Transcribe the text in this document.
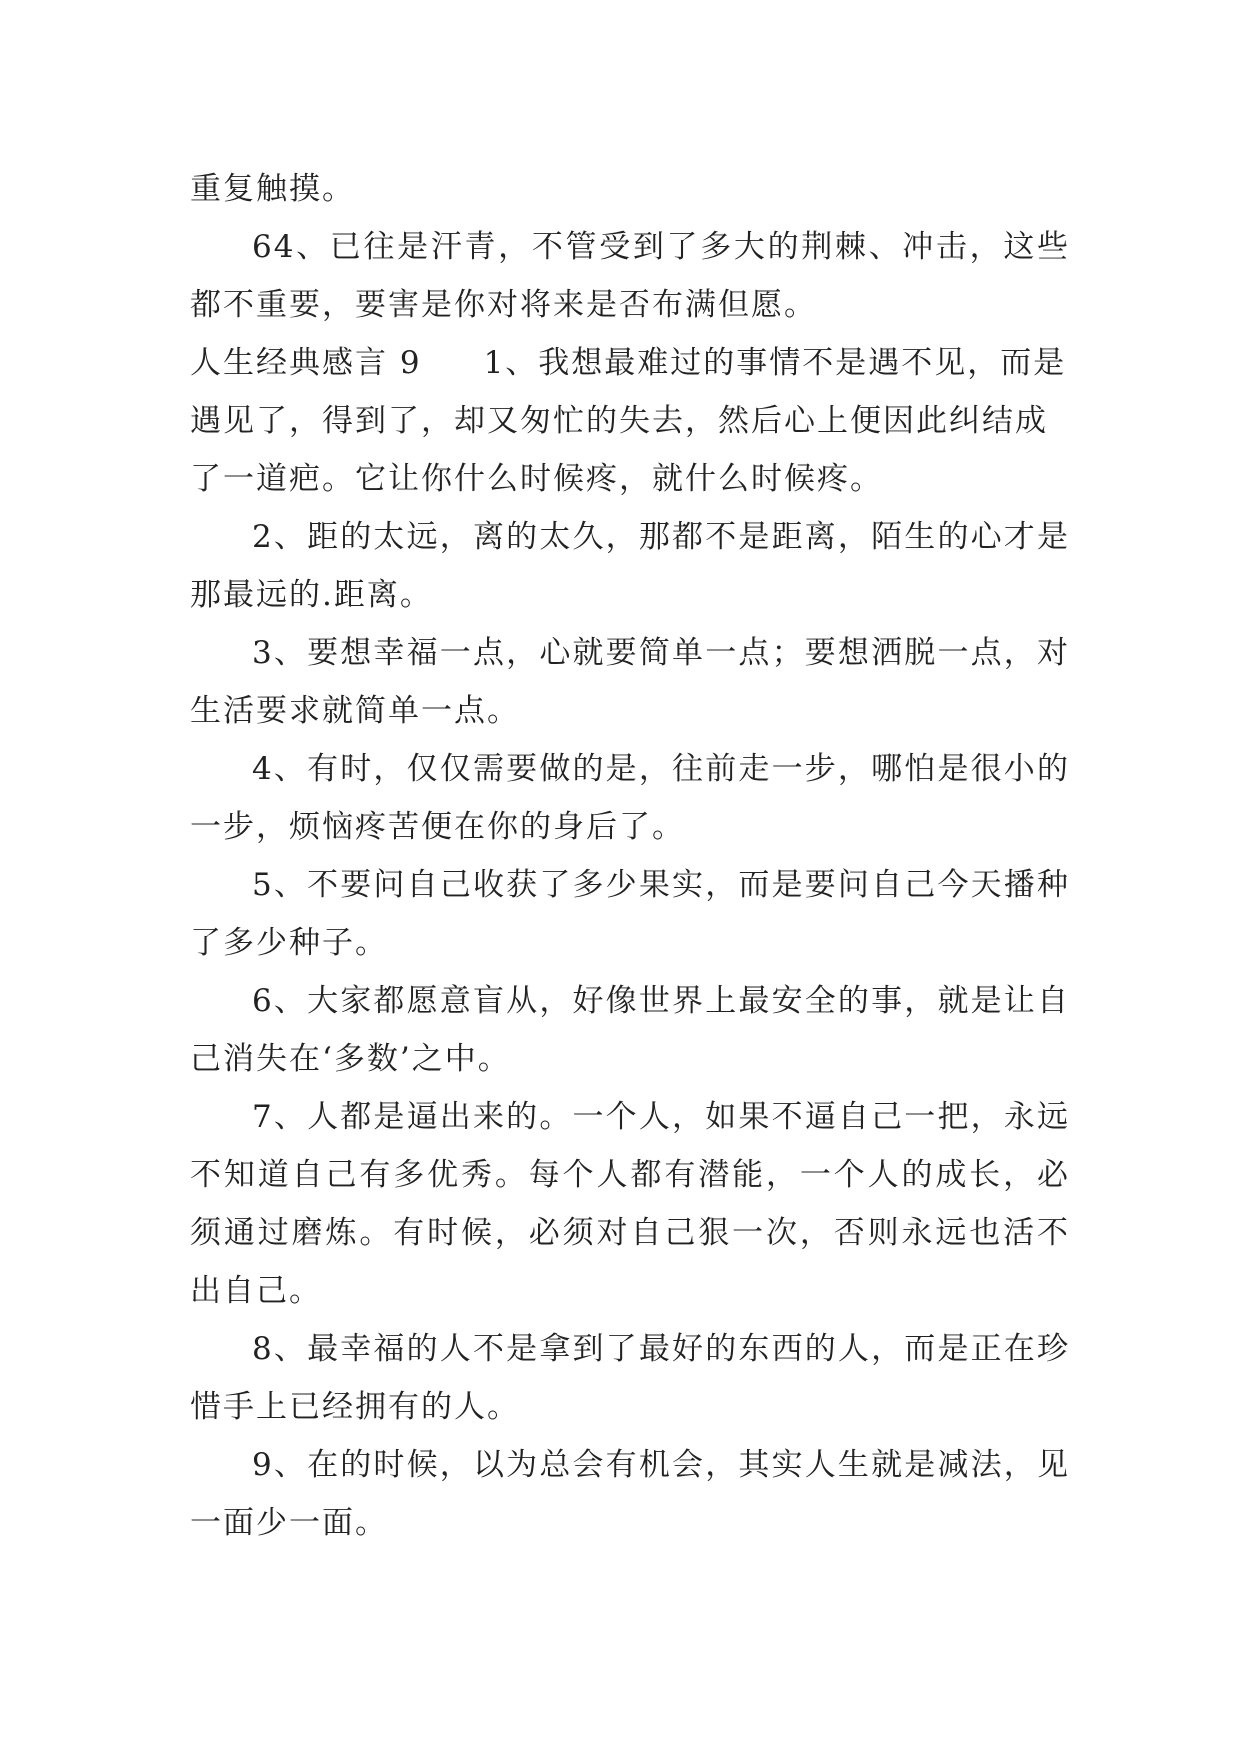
重复触摸。

64、已往是汗青，不管受到了多大的荆棘、冲击，这些都不重要，要害是你对将来是否布满但愿。

人生经典感言 9 1、我想最难过的事情不是遇不见，而是遇见了，得到了，却又匆忙的失去，然后心上便因此纠结成了一道疤。它让你什么时候疼，就什么时候疼。

2、距的太远，离的太久，那都不是距离，陌生的心才是那最远的.距离。

3、要想幸福一点，心就要简单一点；要想洒脱一点，对生活要求就简单一点。

4、有时，仅仅需要做的是，往前走一步，哪怕是很小的一步，烦恼疼苦便在你的身后了。

5、不要问自己收获了多少果实，而是要问自己今天播种了多少种子。

6、大家都愿意盲从，好像世界上最安全的事，就是让自己消失在‘多数’之中。

7、人都是逼出来的。一个人，如果不逼自己一把，永远不知道自己有多优秀。每个人都有潜能，一个人的成长，必须通过磨炼。有时候，必须对自己狠一次，否则永远也活不出自己。

8、最幸福的人不是拿到了最好的东西的人，而是正在珍惜手上已经拥有的人。

9、在的时候，以为总会有机会，其实人生就是减法，见一面少一面。
